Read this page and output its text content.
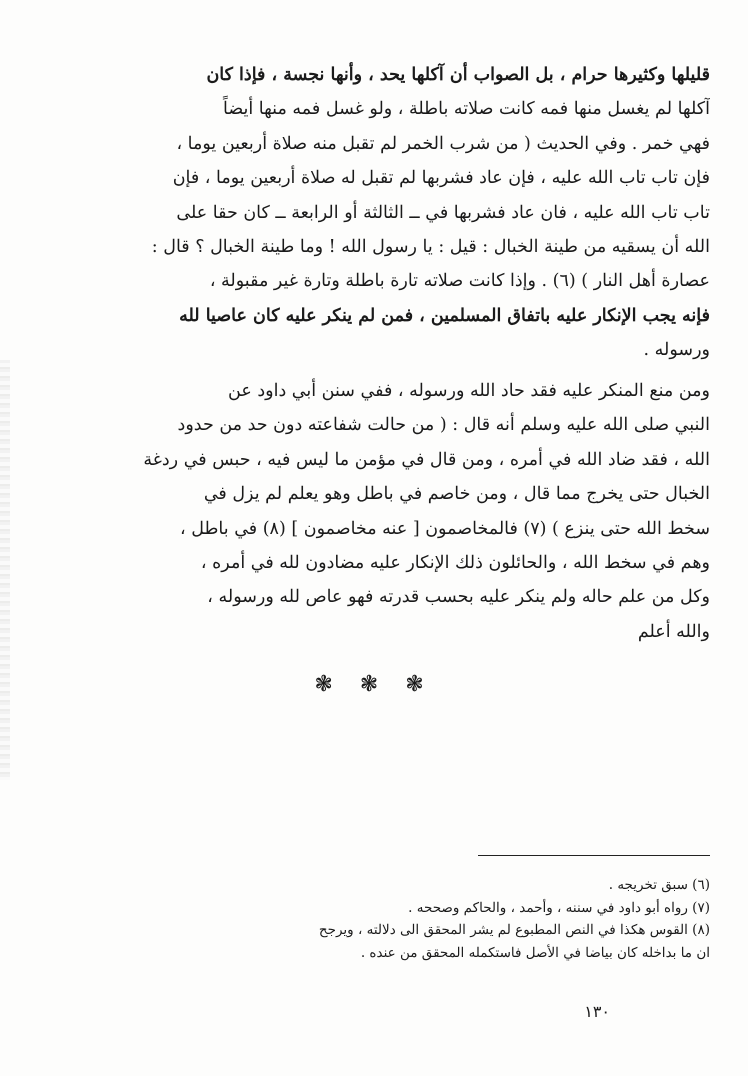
قليلها وكثيرها حرام ، بل الصواب أن آكلها يحد ، وأنها نجسة ، فإذا كان
آكلها لم يغسل منها فمه كانت صلاته باطلة ، ولو غسل فمه منها أيضاً
فهي خمر . وفي الحديث ( من شرب الخمر لم تقبل منه صلاة أربعين يوما ،
فإن تاب تاب الله عليه ، فإن عاد فشربها لم تقبل له صلاة أربعين يوما ، فإن
تاب تاب الله عليه ، فان عاد فشربها في ــ الثالثة أو الرابعة ــ كان حقا على
الله أن يسقيه من طينة الخبال : قيل : يا رسول الله ! وما طينة الخبال ؟ قال :
عصارة أهل النار ) (٦) . وإذا كانت صلاته تارة باطلة وتارة غير مقبولة ،
فإنه يجب الإنكار عليه باتفاق المسلمين ، فمن لم ينكر عليه كان عاصيا لله
ورسوله .
ومن منع المنكر عليه فقد حاد الله ورسوله ، ففي سنن أبي داود عن
النبي صلى الله عليه وسلم أنه قال : ( من حالت شفاعته دون حد من حدود
الله ، فقد ضاد الله في أمره ، ومن قال في مؤمن ما ليس فيه ، حبس في ردغة
الخبال حتى يخرج مما قال ، ومن خاصم في باطل وهو يعلم لم يزل في
سخط الله حتى ينزع ) (٧) فالمخاصمون [ عنه مخاصمون ] (٨) في باطل ،
وهم في سخط الله ، والحائلون ذلك الإنكار عليه مضادون لله في أمره ،
وكل من علم حاله ولم ينكر عليه بحسب قدرته فهو عاص لله ورسوله ،
والله أعلم
❃ ❃ ❃
(٦) سبق تخريجه .
(٧) رواه أبو داود في سننه ، وأحمد ، والحاكم وصححه .
(٨) القوس هكذا في النص المطبوع لم يشر المحقق الى دلالته ، ويرجح
ان ما بداخله كان بياضا في الأصل فاستكمله المحقق من عنده .
١٣٠
